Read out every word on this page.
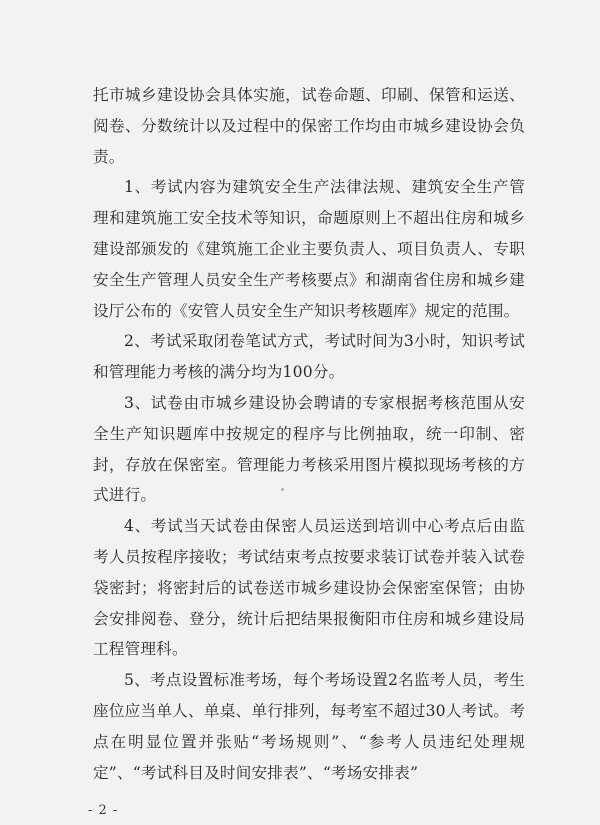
托市城乡建设协会具体实施，试卷命题、印刷、保管和运送、阅卷、分数统计以及过程中的保密工作均由市城乡建设协会负责。

1、考试内容为建筑安全生产法律法规、建筑安全生产管理和建筑施工安全技术等知识，命题原则上不超出住房和城乡建设部颁发的《建筑施工企业主要负责人、项目负责人、专职安全生产管理人员安全生产考核要点》和湖南省住房和城乡建设厅公布的《安管人员安全生产知识考核题库》规定的范围。

2、考试采取闭卷笔试方式，考试时间为3小时，知识考试和管理能力考核的满分均为100分。

3、试卷由市城乡建设协会聘请的专家根据考核范围从安全生产知识题库中按规定的程序与比例抽取，统一印制、密封，存放在保密室。管理能力考核采用图片模拟现场考核的方式进行。

4、考试当天试卷由保密人员运送到培训中心考点后由监考人员按程序接收；考试结束考点按要求装订试卷并装入试卷袋密封；将密封后的试卷送市城乡建设协会保密室保管；由协会安排阅卷、登分，统计后把结果报衡阳市住房和城乡建设局工程管理科。

5、考点设置标准考场，每个考场设置2名监考人员，考生座位应当单人、单桌、单行排列，每考室不超过30人考试。考点在明显位置并张贴“考场规则”、“参考人员违纪处理规定”、“考试科目及时间安排表”、“考场安排表”

- 2 -
